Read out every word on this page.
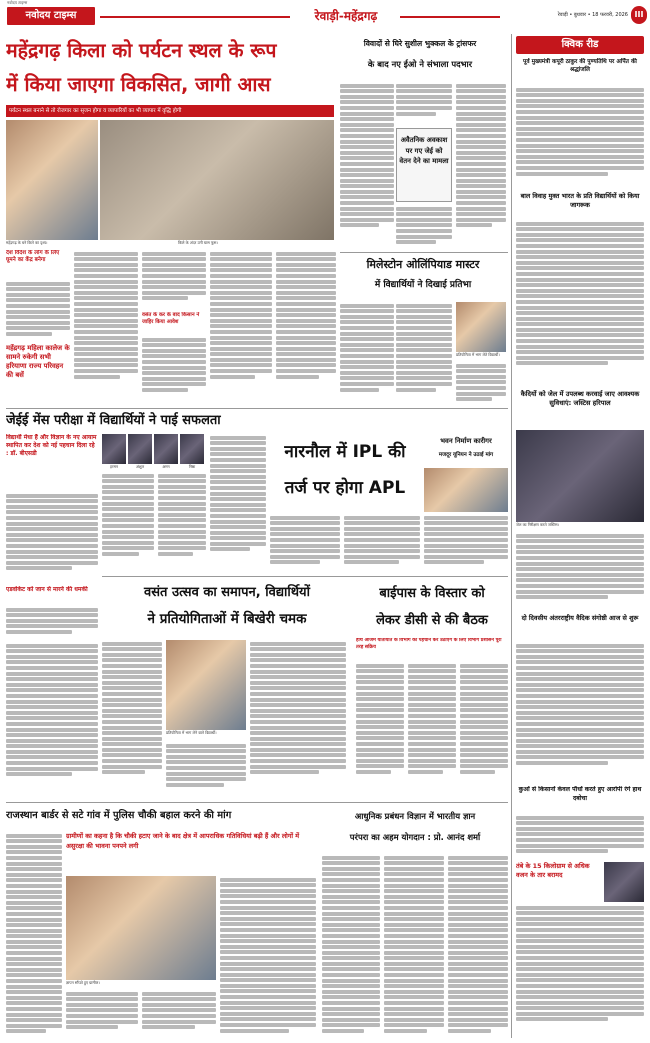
नवोदय टाइम्स
नवोदय टाइम्स	रेवाड़ी-महेंद्रगढ़	रेवाड़ी • बुधवार • 18 फरवरी, 2026 III
महेंद्रगढ़ किला को पर्यटन स्थल के रूप
में किया जाएगा विकसित, जागी आस
पर्यटन स्थल बनाने से तो रोजगार का सृजन होगा व व्यापारियों का भी व्यापार में वृद्धि होगी
महेंद्रगढ़ के बने किले का दृश्य।	किले के अंदर उगी घास फूस।
देश विदेश के लोग के लिए घूमने का केंद्र बनेगा
महेंद्रगढ़ महिला कालेज के सामने रुकेगी सभी हरियाणा राज्य परिवहन की बसें
वसंत के कर के बाद किसान ने जाहिर किया आवेश
विवादों से घिरे सुशील भुक्कल के ट्रांसफर
के बाद नए ईओ ने संभाला पदभार
अवैतनिक अवकाश पर गए जेई को वेतन देने का मामला
मिलेस्टोन ओलिंपियाड मास्टर
में विद्यार्थियों ने दिखाई प्रतिभा
प्रतियोगिता में भाग लेते विद्यार्थी।
जेईई मेंस परीक्षा में विद्यार्थियों ने पाई सफलता
विद्यार्थी मेधा हैं और विज्ञान के नए आयाम स्थापित कर देश को नई पहचान दिला रहे : डॉ. बीएसडी
एडवोकेट को जान से मारने की धमकी
हरमन	अंशुल	अमन	निष्ठा
नारनौल में IPL की
तर्ज पर होगा APL
भवन निर्माण कारीगर
मजदूर यूनियन ने उठाई मांग
वसंत उत्सव का समापन, विद्यार्थियों
ने प्रतियोगिताओं में बिखेरी चमक
प्रतियोगिता में भाग लेने वाले विद्यार्थी।
बाईपास के विस्तार को
लेकर डीसी से की बैठक
हाथ आजम यातायात के विभाग को पहचान कर उठाएंगे के लिए विभाग प्रशासन पूरी तरह सक्रिय
राजस्थान बार्डर से सटे गांव में पुलिस चौकी बहाल करने की मांग
ग्रामीणों का कहना है कि चौकी हटाए जाने के बाद क्षेत्र में आपराधिक गतिविधियां बढ़ी हैं और लोगों में असुरक्षा की भावना पनपने लगी
ज्ञापन सौंपते हुए ग्रामीण।
आधुनिक प्रबंधन विज्ञान में भारतीय ज्ञान
परंपरा का अहम योगदान : प्रो. आनंद शर्मा
क्विक रीड
पूर्व मुख्यमंत्री कपूरी ठाकुर की पुण्यतिथि पर अर्पित की श्रद्धांजलि
बाल विवाह मुक्त भारत के प्रति विद्यार्थियों को किया जागरूक
कैदियों को जेल में उपलब्ध करवाई जाए आवश्यक सुविधाएं: जस्टिस हरिपाल
जेल का निरीक्षण करते जस्टिस।
दो दिवसीय अंतरराष्ट्रीय वैदिक संगोष्ठी आज से शुरू
कुओं से किसानों केवल पौधों करते हुए आरोपी रंगे हाथ दबोचा
तंबे के 15 किलोग्राम से अधिक वजन के तार बरामद
